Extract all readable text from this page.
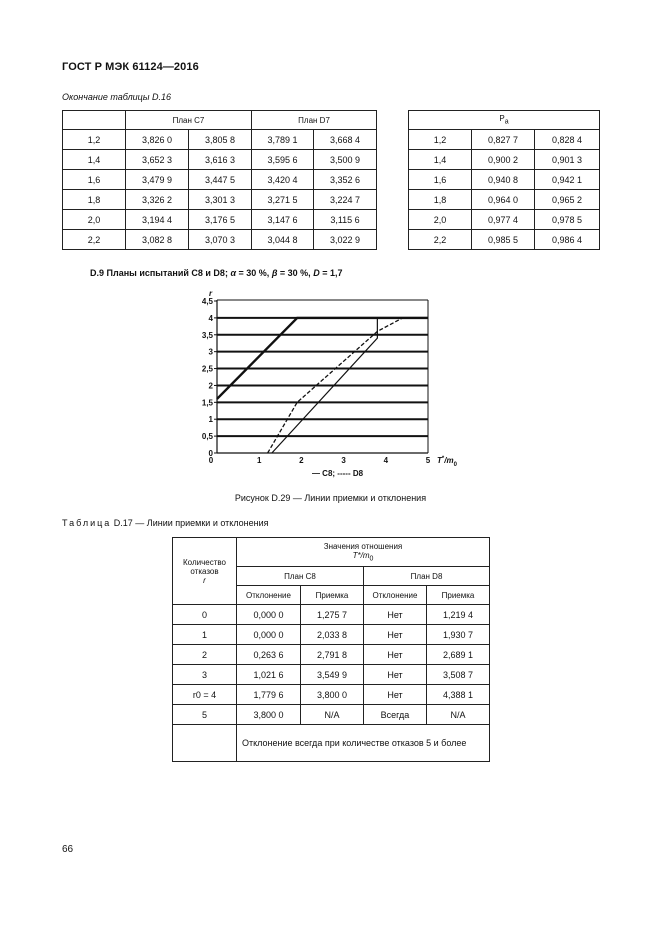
ГОСТ Р МЭК 61124—2016
Окончание таблицы D.16
	План C7		План D7			$P_a$
1,2	3,826 0	3,805 8	3,789 1	3,668 4		1,2	0,827 7	0,828 4
1,4	3,652 3	3,616 3	3,595 6	3,500 9		1,4	0,900 2	0,901 3
1,6	3,479 9	3,447 5	3,420 4	3,352 6		1,6	0,940 8	0,942 1
1,8	3,326 2	3,301 3	3,271 5	3,224 7		1,8	0,964 0	0,965 2
2,0	3,194 4	3,176 5	3,147 6	3,115 6		2,0	0,977 4	0,978 5
2,2	3,082 8	3,070 3	3,044 8	3,022 9		2,2	0,985 5	0,986 4
D.9 Планы испытаний C8 и D8; α = 30 %, β = 30 %, D = 1,7
0
0,5
1
1,5
2
2,5
3
3,5
4
4,5
0	1	2	3	4	5
r
$T^*/m_0$
— C8; ----- D8
Рисунок D.29 — Линии приемки и отклонения
Таблица D.17 — Линии приемки и отклонения
Количество отказов
r	Значения отношения
$T*/m_0$
	План C8		План D8	
	Отклонение	Приемка	Отклонение	Приемка
0	0,000 0	1,275 7	Нет	1,219 4
1	0,000 0	2,033 8	Нет	1,930 7
2	0,263 6	2,791 8	Нет	2,689 1
3	1,021 6	3,549 9	Нет	3,508 7
r0 = 4	1,779 6	3,800 0	Нет	4,388 1
5	3,800 0	N/A	Всегда	N/A
	Отклонение всегда при количестве отказов 5 и более			
66
